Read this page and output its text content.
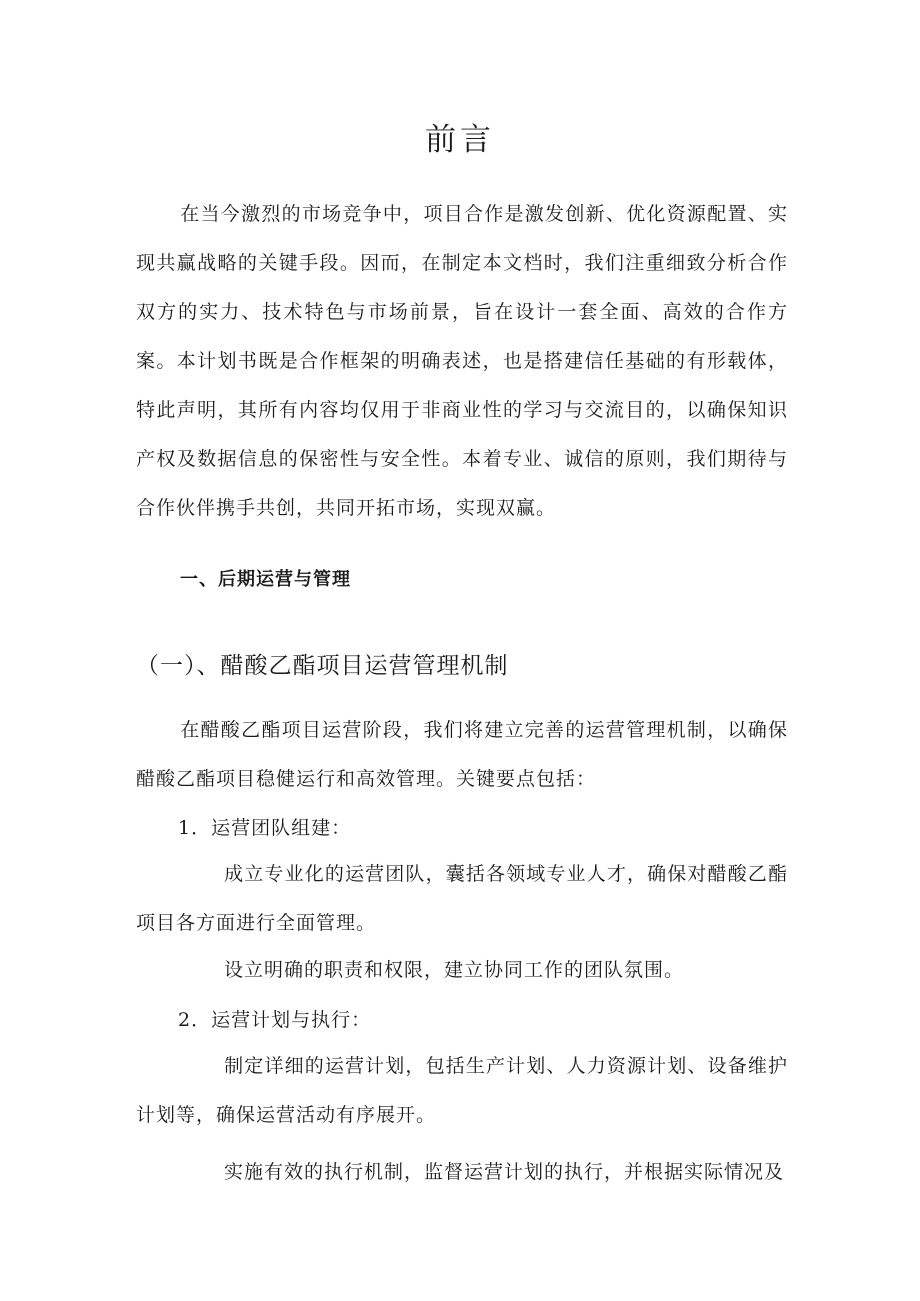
前言
在当今激烈的市场竞争中，项目合作是激发创新、优化资源配置、实现共赢战略的关键手段。因而，在制定本文档时，我们注重细致分析合作双方的实力、技术特色与市场前景，旨在设计一套全面、高效的合作方案。本计划书既是合作框架的明确表述，也是搭建信任基础的有形载体，特此声明，其所有内容均仅用于非商业性的学习与交流目的，以确保知识产权及数据信息的保密性与安全性。本着专业、诚信的原则，我们期待与合作伙伴携手共创，共同开拓市场，实现双赢。
一、后期运营与管理
（一）、醋酸乙酯项目运营管理机制
在醋酸乙酯项目运营阶段，我们将建立完善的运营管理机制，以确保醋酸乙酯项目稳健运行和高效管理。关键要点包括：
1．运营团队组建：
成立专业化的运营团队，囊括各领域专业人才，确保对醋酸乙酯项目各方面进行全面管理。
设立明确的职责和权限，建立协同工作的团队氛围。
2．运营计划与执行：
制定详细的运营计划，包括生产计划、人力资源计划、设备维护计划等，确保运营活动有序展开。
实施有效的执行机制，监督运营计划的执行，并根据实际情况及
